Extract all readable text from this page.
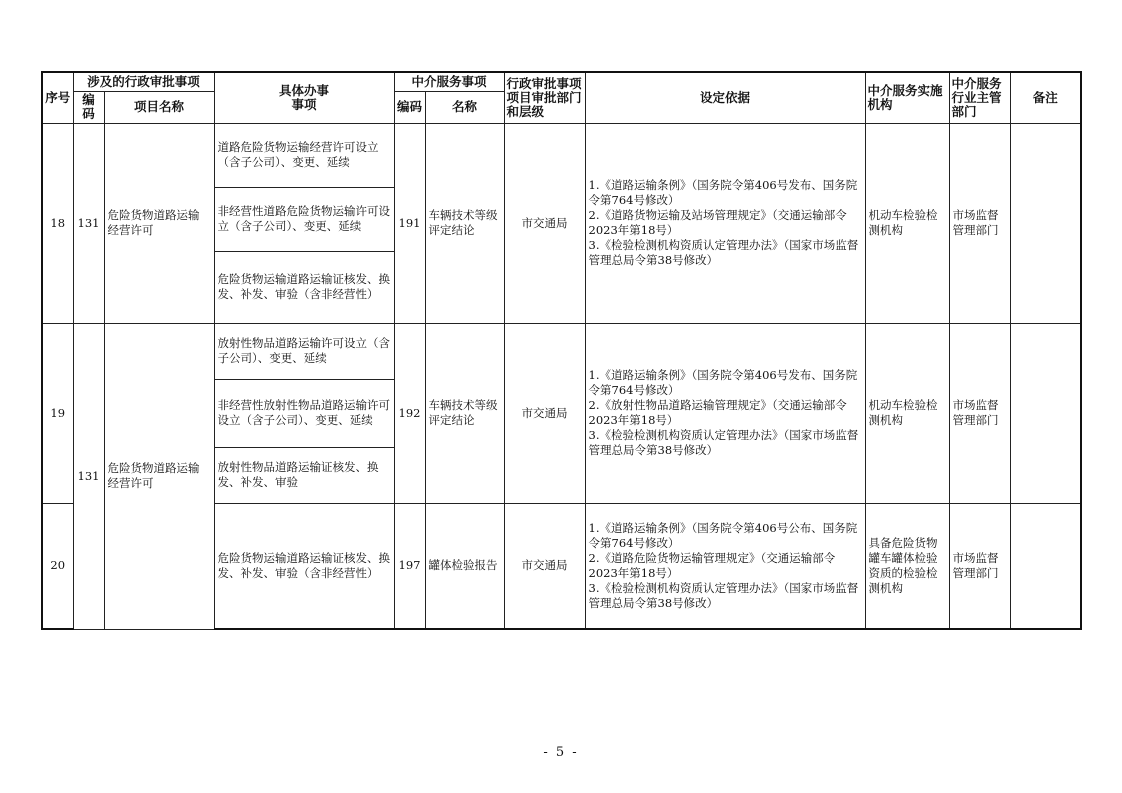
序号	涉及的行政审批事项		具体办事事项	中介服务事项		行政审批事项项目审批部门和层级	设定依据	中介服务实施机构	中介服务行业主管部门	备注
	编码	项目名称		编码	名称					
18	131	危险货物道路运输经营许可	道路危险货物运输经营许可设立（含子公司）、变更、延续	191	车辆技术等级评定结论	市交通局	1.《道路运输条例》（国务院令第406号发布、国务院令第764号修改）
2.《道路货物运输及站场管理规定》（交通运输部令2023年第18号）
3.《检验检测机构资质认定管理办法》（国家市场监督管理总局令第38号修改）	机动车检验检测机构	市场监督管理部门	
			非经营性道路危险货物运输许可设立（含子公司）、变更、延续							
			危险货物运输道路运输证核发、换发、补发、审验（含非经营性）							
19	131	危险货物道路运输经营许可	放射性物品道路运输许可设立（含子公司）、变更、延续	192	车辆技术等级评定结论	市交通局	1.《道路运输条例》（国务院令第406号发布、国务院令第764号修改）
2.《放射性物品道路运输管理规定》（交通运输部令2023年第18号）
3.《检验检测机构资质认定管理办法》（国家市场监督管理总局令第38号修改）	机动车检验检测机构	市场监督管理部门	
			非经营性放射性物品道路运输许可设立（含子公司）、变更、延续							
			放射性物品道路运输证核发、换发、补发、审验							
20			危险货物运输道路运输证核发、换发、补发、审验（含非经营性）	197	罐体检验报告	市交通局	1.《道路运输条例》（国务院令第406号公布、国务院令第764号修改）
2.《道路危险货物运输管理规定》（交通运输部令2023年第18号）
3.《检验检测机构资质认定管理办法》（国家市场监督管理总局令第38号修改）	具备危险货物罐车罐体检验资质的检验检测机构	市场监督管理部门	
- 5 -
